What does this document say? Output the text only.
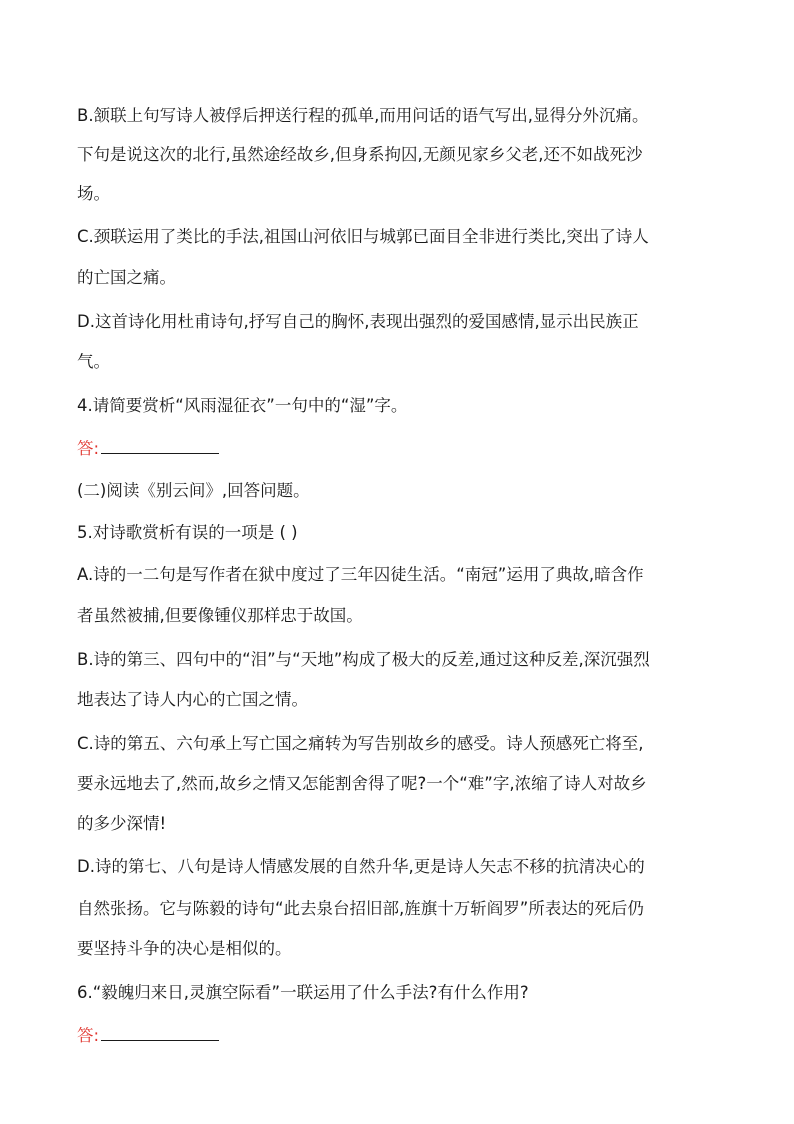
B.颔联上句写诗人被俘后押送行程的孤单,而用问话的语气写出,显得分外沉痛。

下句是说这次的北行,虽然途经故乡,但身系拘囚,无颜见家乡父老,还不如战死沙

场。

C.颈联运用了类比的手法,祖国山河依旧与城郭已面目全非进行类比,突出了诗人

的亡国之痛。

D.这首诗化用杜甫诗句,抒写自己的胸怀,表现出强烈的爱国感情,显示出民族正

气。

4.请简要赏析“风雨湿征衣”一句中的“湿”字。

答:

(二)阅读《别云间》,回答问题。

5.对诗歌赏析有误的一项是 ( )

A.诗的一二句是写作者在狱中度过了三年囚徒生活。“南冠”运用了典故,暗含作

者虽然被捕,但要像锺仪那样忠于故国。

B.诗的第三、四句中的“泪”与“天地”构成了极大的反差,通过这种反差,深沉强烈

地表达了诗人内心的亡国之情。

C.诗的第五、六句承上写亡国之痛转为写告别故乡的感受。诗人预感死亡将至,

要永远地去了,然而,故乡之情又怎能割舍得了呢?一个“难”字,浓缩了诗人对故乡

的多少深情!

D.诗的第七、八句是诗人情感发展的自然升华,更是诗人矢志不移的抗清决心的

自然张扬。它与陈毅的诗句“此去泉台招旧部,旌旗十万斩阎罗”所表达的死后仍

要坚持斗争的决心是相似的。

6.“毅魄归来日,灵旗空际看”一联运用了什么手法?有什么作用?

答:
